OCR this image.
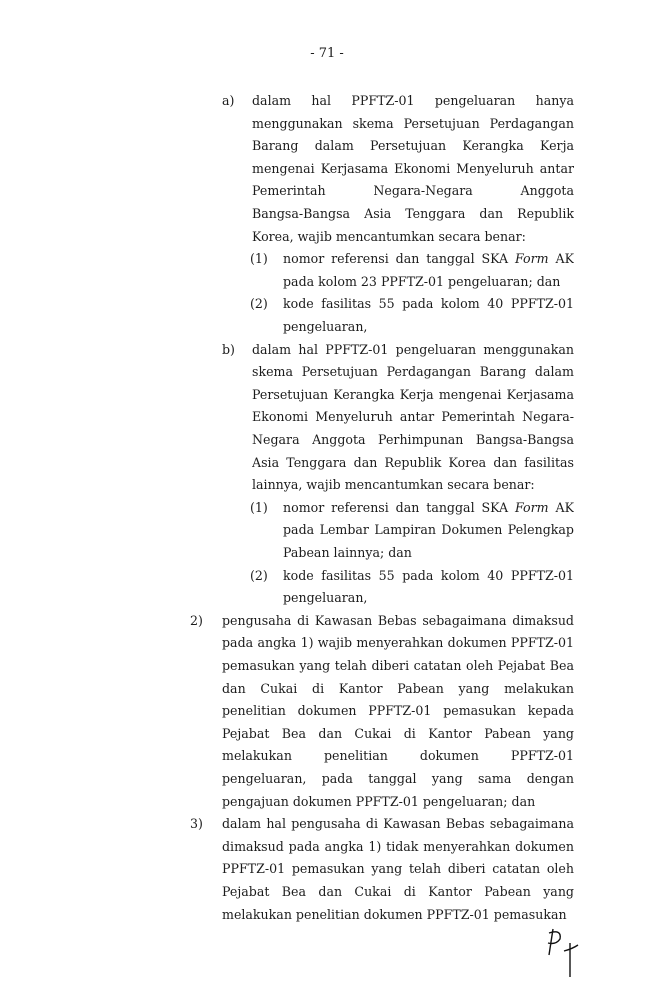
- 71 -
a) dalam hal PPFTZ-01 pengeluaran hanya
menggunakan skema Persetujuan Perdagangan
Barang dalam Persetujuan Kerangka Kerja
mengenai Kerjasama Ekonomi Menyeluruh antar
Pemerintah Negara-Negara Anggota
Bangsa-Bangsa Asia Tenggara dan Republik
Korea, wajib mencantumkan secara benar:
(1) nomor referensi dan tanggal SKA Form AK
pada kolom 23 PPFTZ-01 pengeluaran; dan
(2) kode fasilitas 55 pada kolom 40 PPFTZ-01
pengeluaran,
b) dalam hal PPFTZ-01 pengeluaran menggunakan
skema Persetujuan Perdagangan Barang dalam
Persetujuan Kerangka Kerja mengenai Kerjasama
Ekonomi Menyeluruh antar Pemerintah Negara-
Negara Anggota Perhimpunan Bangsa-Bangsa
Asia Tenggara dan Republik Korea dan fasilitas
lainnya, wajib mencantumkan secara benar:
(1) nomor referensi dan tanggal SKA Form AK
pada Lembar Lampiran Dokumen Pelengkap
Pabean lainnya; dan
(2) kode fasilitas 55 pada kolom 40 PPFTZ-01
pengeluaran,
2) pengusaha di Kawasan Bebas sebagaimana dimaksud
pada angka 1) wajib menyerahkan dokumen PPFTZ-01
pemasukan yang telah diberi catatan oleh Pejabat Bea
dan Cukai di Kantor Pabean yang melakukan
penelitian dokumen PPFTZ-01 pemasukan kepada
Pejabat Bea dan Cukai di Kantor Pabean yang
melakukan penelitian dokumen PPFTZ-01
pengeluaran, pada tanggal yang sama dengan
pengajuan dokumen PPFTZ-01 pengeluaran; dan
3) dalam hal pengusaha di Kawasan Bebas sebagaimana
dimaksud pada angka 1) tidak menyerahkan dokumen
PPFTZ-01 pemasukan yang telah diberi catatan oleh
Pejabat Bea dan Cukai di Kantor Pabean yang
melakukan penelitian dokumen PPFTZ-01 pemasukan
